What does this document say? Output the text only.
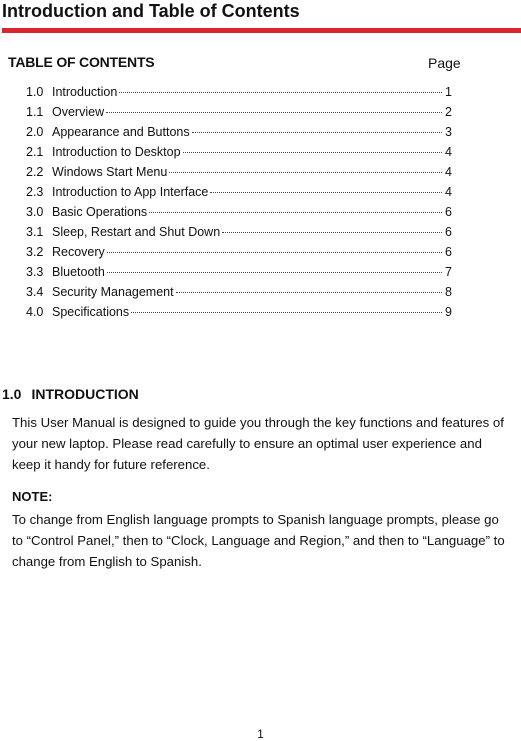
Introduction and Table of Contents
TABLE OF CONTENTS	Page
1.0 Introduction	1
1.1 Overview	2
2.0 Appearance and Buttons	3
2.1 Introduction to Desktop	4
2.2 Windows Start Menu	4
2.3 Introduction to App Interface	4
3.0 Basic Operations	6
3.1 Sleep, Restart and Shut Down	6
3.2 Recovery	6
3.3 Bluetooth	7
3.4 Security Management	8
4.0 Specifications	9
1.0 INTRODUCTION

This User Manual is designed to guide you through the key functions and features of your new laptop. Please read carefully to ensure an optimal user experience and keep it handy for future reference.

NOTE:

To change from English language prompts to Spanish language prompts, please go to “Control Panel,” then to “Clock, Language and Region,” and then to “Language” to change from English to Spanish.

1
